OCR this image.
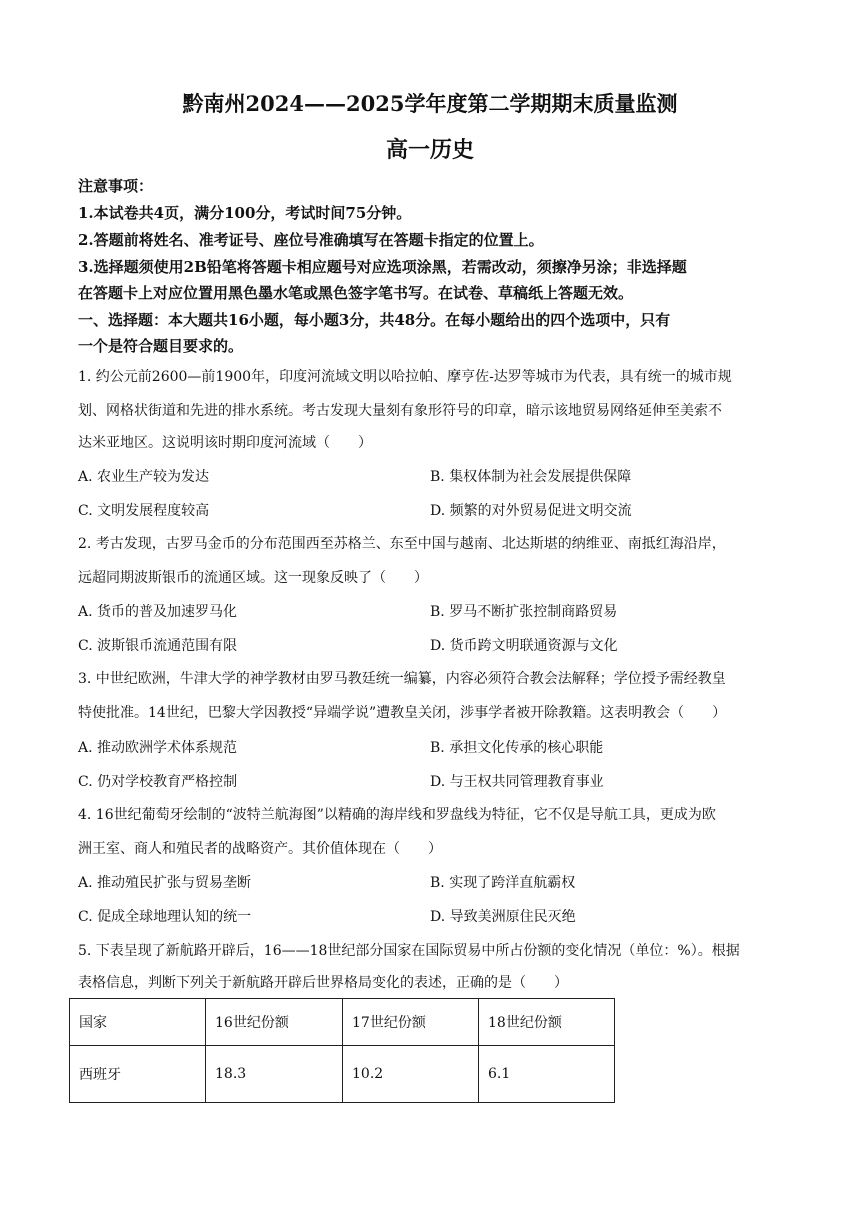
黔南州2024——2025学年度第二学期期末质量监测
高一历史
注意事项：
1.本试卷共4页，满分100分，考试时间75分钟。
2.答题前将姓名、准考证号、座位号准确填写在答题卡指定的位置上。
3.选择题须使用2B铅笔将答题卡相应题号对应选项涂黑，若需改动，须擦净另涂；非选择题
在答题卡上对应位置用黑色墨水笔或黑色签字笔书写。在试卷、草稿纸上答题无效。
一、选择题：本大题共16小题，每小题3分，共48分。在每小题给出的四个选项中，只有
一个是符合题目要求的。
1. 约公元前2600—前1900年，印度河流域文明以哈拉帕、摩亨佐-达罗等城市为代表，具有统一的城市规
划、网格状街道和先进的排水系统。考古发现大量刻有象形符号的印章，暗示该地贸易网络延伸至美索不
达米亚地区。这说明该时期印度河流域（　　）
A. 农业生产较为发达	B. 集权体制为社会发展提供保障
C. 文明发展程度较高	D. 频繁的对外贸易促进文明交流
2. 考古发现，古罗马金币的分布范围西至苏格兰、东至中国与越南、北达斯堪的纳维亚、南抵红海沿岸，
远超同期波斯银币的流通区域。这一现象反映了（　　）
A. 货币的普及加速罗马化	B. 罗马不断扩张控制商路贸易
C. 波斯银币流通范围有限	D. 货币跨文明联通资源与文化
3. 中世纪欧洲，牛津大学的神学教材由罗马教廷统一编纂，内容必须符合教会法解释；学位授予需经教皇
特使批准。14世纪，巴黎大学因教授“异端学说”遭教皇关闭，涉事学者被开除教籍。这表明教会（　　）
A. 推动欧洲学术体系规范	B. 承担文化传承的核心职能
C. 仍对学校教育严格控制	D. 与王权共同管理教育事业
4. 16世纪葡萄牙绘制的“波特兰航海图”以精确的海岸线和罗盘线为特征，它不仅是导航工具，更成为欧
洲王室、商人和殖民者的战略资产。其价值体现在（　　）
A. 推动殖民扩张与贸易垄断	B. 实现了跨洋直航霸权
C. 促成全球地理认知的统一	D. 导致美洲原住民灭绝
5. 下表呈现了新航路开辟后，16——18世纪部分国家在国际贸易中所占份额的变化情况（单位：%）。根据
表格信息，判断下列关于新航路开辟后世界格局变化的表述，正确的是（　　）
国家	16世纪份额	17世纪份额	18世纪份额
西班牙	18.3	10.2	6.1
